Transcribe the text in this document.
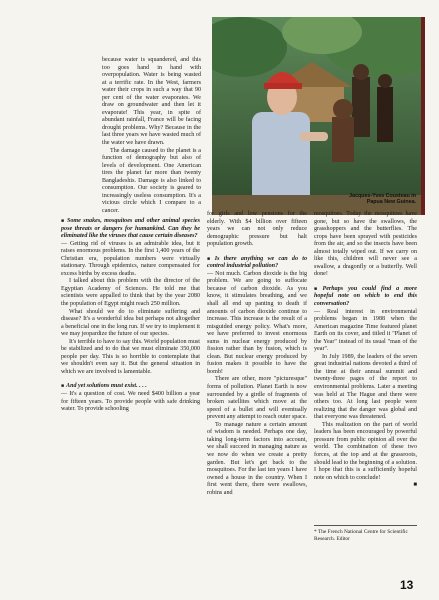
Jacques-Yves Cousteau in Papua New Guinea.

because water is squandered, and this too goes hand in hand with overpopulation. Water is being wasted at a terrific rate. In the West, farmers water their crops in such a way that 90 per cent of the water evaporates. We draw on groundwater and then let it evaporate! This year, in spite of abundant rainfall, France will be facing drought problems. Why? Because in the last three years we have wasted much of the water we have drawn.

The damage caused to the planet is a function of demography but also of levels of development. One American tires the planet far more than twenty Bangladeshis. Damage is also linked to consumption. Our society is geared to increasingly useless consumption. It's a vicious circle which I compare to a cancer.

■ Some snakes, mosquitoes and other animal species pose threats or dangers for humankind. Can they be eliminated like the viruses that cause certain diseases?

— Getting rid of viruses is an admirable idea, but it raises enormous problems. In the first 1,400 years of the Christian era, population numbers were virtually stationary. Through epidemics, nature compensated for excess births by excess deaths.

I talked about this problem with the director of the Egyptian Academy of Sciences. He told me that scientists were appalled to think that by the year 2080 the population of Egypt might reach 250 million.

What should we do to eliminate suffering and disease? It's a wonderful idea but perhaps not altogether a beneficial one in the long run. If we try to implement it we may jeopardize the future of our species.

It's terrible to have to say this. World population must be stabilized and to do that we must eliminate 350,000 people per day. This is so horrible to contemplate that we shouldn't even say it. But the general situation in which we are involved is lamentable.

■ And yet solutions must exist. . . .

— It's a question of cost. We need $400 billion a year for fifteen years. To provide people with safe drinking water. To provide schooling

for girls and low pensions for the elderly. With $4 billion over fifteen years we can not only reduce demographic pressure but halt population growth.

■ Is there anything we can do to control industrial pollution?

— Not much. Carbon dioxide is the big problem. We are going to suffocate because of carbon dioxide. As you know, it stimulates breathing, and we shall all end up panting to death if amounts of carbon dioxide continue to increase. This increase is the result of a misguided energy policy. What's more, we have preferred to invest enormous sums in nuclear energy produced by fission rather than by fusion, which is clean. But nuclear energy produced by fusion makes it possible to have the bomb!

There are other, more "picturesque" forms of pollution. Planet Earth is now surrounded by a girdle of fragments of broken satellites which move at the speed of a bullet and will eventually prevent any attempt to reach outer space.

To manage nature a certain amount of wisdom is needed. Perhaps one day, taking long-term factors into account, we shall succeed in managing nature as we now do when we create a pretty garden. But let's get back to the mosquitoes. For the last ten years I have owned a house in the country. When I first went there, there were swallows, robins and

mosquitoes. Today the mosquitoes have gone, but so have the swallows, the grasshoppers and the butterflies. The crops have been sprayed with pesticides from the air, and so the insects have been almost totally wiped out. If we carry on like this, children will never see a swallow, a dragonfly or a butterfly. Well done!

■ Perhaps you could find a more hopeful note on which to end this conversation?

— Real interest in environmental problems began in 1988 when the American magazine Time featured planet Earth on its cover, and titled it "Planet of the Year" instead of its usual "man of the year".

In July 1989, the leaders of the seven great industrial nations devoted a third of the time at their annual summit and twenty-three pages of the report to environmental problems. Later a meeting was held at The Hague and there were others too. At long last people were realizing that the danger was global and that everyone was threatened.

This realization on the part of world leaders has been encouraged by powerful pressure from public opinion all over the world. The combination of these two forces, at the top and at the grassroots, should lead to the beginning of a solution. I hope that this is a sufficiently hopeful note on which to conclude!

■

* The French National Centre for Scientific Research. Editor
13
